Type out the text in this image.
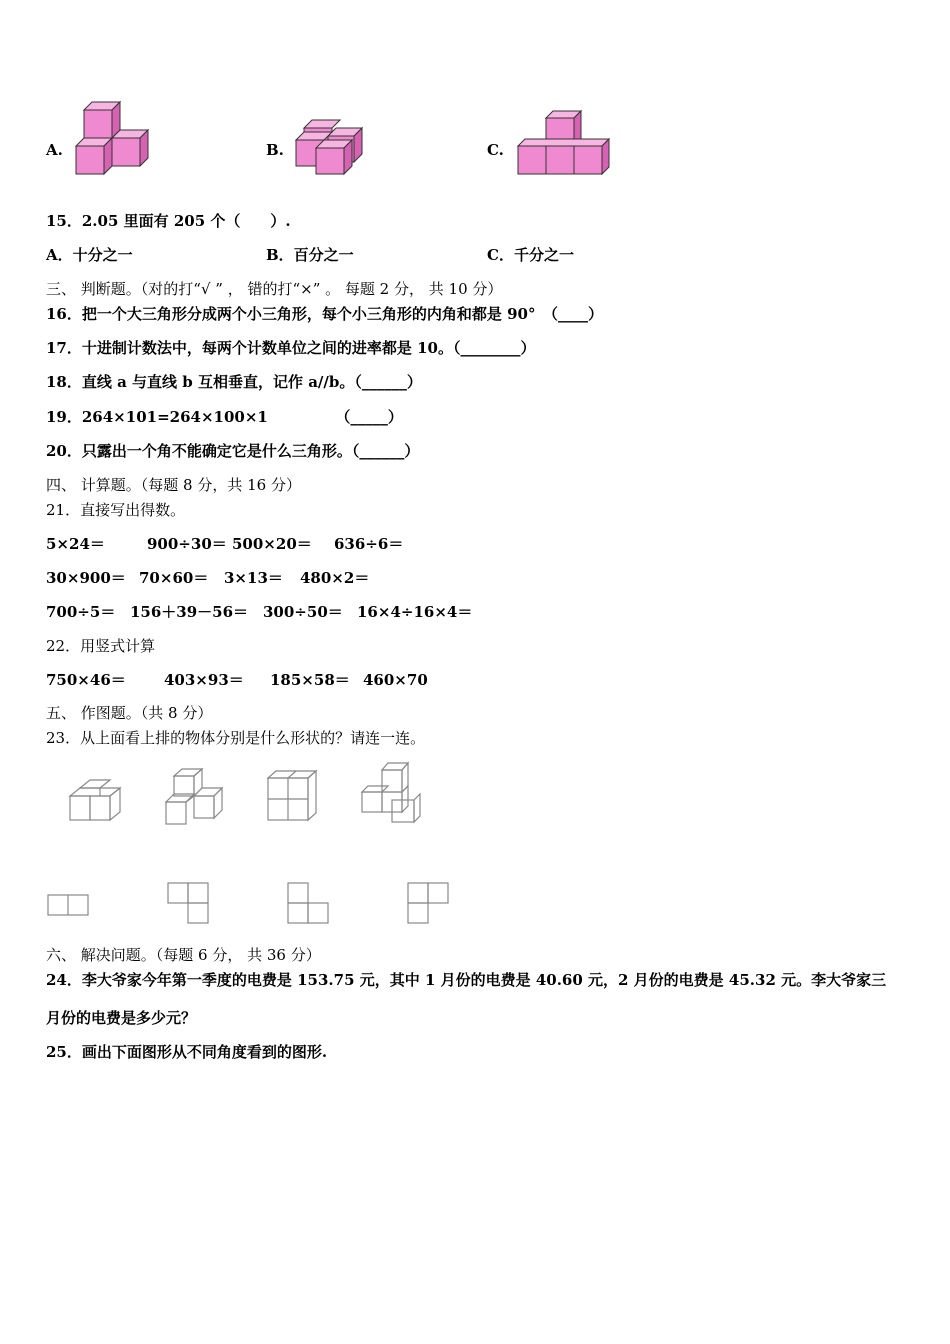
A.	B.	C.
15．2.05 里面有 205 个（　　）.
A．十分之一	B．百分之一	C．千分之一
三、 判断题。（对的打“√ ” ， 错的打“×” 。 每题 2 分， 共 10 分）
16．把一个大三角形分成两个小三角形，每个小三角形的内角和都是 90°　（____）
17．十进制计数法中，每两个计数单位之间的进率都是 10。（________）
18．直线 a 与直线 b 互相垂直，记作 a//b。（______）
19．264×101=264×100×1　　　　　（_____）
20．只露出一个角不能确定它是什么三角形。（______）
四、 计算题。（每题 8 分，共 16 分）
21．直接写出得数。
5×24＝	900÷30＝ 500×20＝ 636÷6＝
30×900＝ 70×60＝ 3×13＝ 480×2＝
700÷5＝ 156＋39－56＝ 300÷50＝ 16×4÷16×4＝
22．用竖式计算
750×46＝	403×93＝ 185×58＝ 460×70
五、 作图题。（共 8 分）
23．从上面看上排的物体分别是什么形状的？请连一连。
六、 解决问题。（每题 6 分， 共 36 分）
24．李大爷家今年第一季度的电费是 153.75 元，其中 1 月份的电费是 40.60 元，2 月份的电费是 45.32 元。李大爷家三
月份的电费是多少元？
25．画出下面图形从不同角度看到的图形.
